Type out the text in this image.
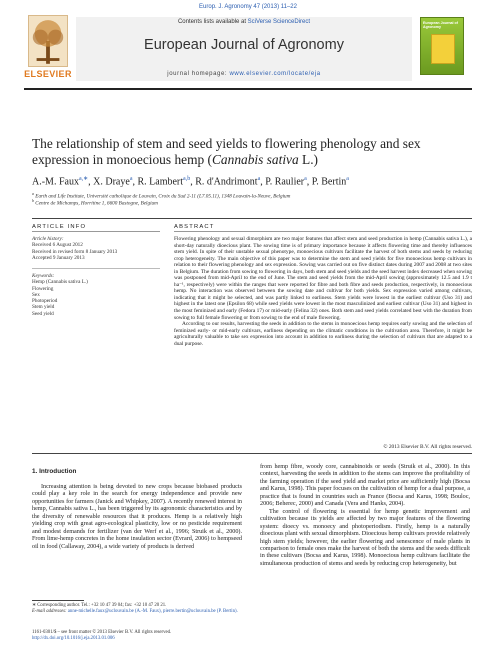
Europ. J. Agronomy 47 (2013) 11–22
ELSEVIER
Contents lists available at SciVerse ScienceDirect
European Journal of Agronomy
journal homepage: www.elsevier.com/locate/eja
European Journal of Agronomy
The relationship of stem and seed yields to flowering phenology and sex expression in monoecious hemp (Cannabis sativa L.)
A.-M. Faux$^{a,∗}$, X. Draye$^a$, R. Lambert$^{a,b}$, R. d'Andrimont$^a$, P. Raulier$^a$, P. Bertin$^a$
$^a$ Earth and Life Institute, Université catholique de Louvain, Croix du Sud 2-11 (L7.05.11), 1348 Louvain-la-Neuve, Belgium
$^b$ Centre de Michamps, Horritine 1, 6600 Bastogne, Belgium
ARTICLE INFO
Article history:
Received 6 August 2012
Received in revised form 8 January 2013
Accepted 9 January 2013
Keywords:
Hemp (Cannabis sativa L.)
Flowering
Sex
Photoperiod
Stem yield
Seed yield
ABSTRACT

Flowering phenology and sexual dimorphism are two major features that affect stem and seed production in hemp (Cannabis sativa L.), a short-day naturally dioecious plant. The sowing time is of primary importance because it affects flowering time and thereby influences stem yield. In spite of their unstable sexual phenotype, monoecious cultivars facilitate the harvest of both stems and seeds by reducing crop heterogeneity. The main objective of this paper was to determine the stem and seed yields for five monoecious hemp cultivars in relation to their flowering phenology and sex expression. Sowing was carried out on five distinct dates during 2007 and 2008 at two sites in Belgium. The duration from sowing to flowering in days, both stem and seed yields and the seed harvest index decreased when sowing was postponed from mid-April to the end of June. The stem and seed yields from the mid-April sowing (approximately 12.5 and 1.9 t ha⁻¹, respectively) were within the ranges that were reported for fibre and both fibre and seeds production, respectively, in monoecious hemp. No interaction was observed between the sowing date and cultivar for both yields. Sex expression varied among cultivars, indicating that it might be selected, and was partly linked to earliness. Stem yields were lowest in the earliest cultivar (Uso 31) and highest in the latest one (Epsilon 68) while seed yields were lowest in the most masculinized and earliest cultivar (Uso 31) and highest in the most feminized and early (Fedora 17) or mid-early (Felina 32) ones. Both stem and seed yields correlated best with the duration from sowing to full female flowering or from sowing to the end of male flowering.

According to our results, harvesting the seeds in addition to the stems in monoecious hemp requires early sowing and the selection of feminized early- or mid-early cultivars, earliness depending on the climatic conditions in the cultivation area. Therefore, it might be agriculturally valuable to take sex expression into account in addition to earliness during the selection of cultivars that are adapted to a dual purpose.

© 2013 Elsevier B.V. All rights reserved.
1. Introduction

Increasing attention is being devoted to new crops because biobased products could play a key role in the search for energy independence and provide new opportunities for farmers (Janick and Whipkey, 2007). A recently renewed interest in hemp, Cannabis sativa L., has been triggered by its agronomic characteristics and by the diversity of renewable resources that it produces. Hemp is a relatively high yielding crop with great agro-ecological plasticity, low or no pesticide requirement and modest demands for fertilizer (van der Werf et al., 1996; Struik et al., 2000). From lime-hemp concretes in the home insulation sector (Evrard, 2006) to hempseed oil in food (Callaway, 2004), a wide variety of products is derived

from hemp fibre, woody core, cannabinoids or seeds (Struik et al., 2000). In this context, harvesting the seeds in addition to the stems can improve the profitability of the farming operation if the seed yield and market price are sufficiently high (Bocsa and Karus, 1998). This paper focuses on the cultivation of hemp for a dual purpose, a practice that is found in countries such as France (Bocsa and Karus, 1998; Bouloc, 2006; Beherec, 2000) and Canada (Vera and Hanks, 2004).

The control of flowering is essential for hemp genetic improvement and cultivation because its yields are affected by two major features of the flowering system: dioecy vs. monoecy and photoperiodism. Firstly, hemp is a naturally dioecious plant with sexual dimorphism. Dioecious hemp cultivars provide relatively high stem yields; however, the earlier flowering and senescence of male plants in comparison to female ones make the harvest of both the stems and the seeds difficult in these cultivars (Bocsa and Karus, 1998). Monoecious hemp cultivars facilitate the simultaneous production of stems and seeds by reducing crop heterogeneity, but

∗ Corresponding author. Tel.: +32 10 47 39 04; fax: +32 10 47 20 21.
E-mail addresses: anne-michelle.faux@uclouvain.be (A.-M. Faux), pierre.bertin@uclouvain.be (P. Bertin).
1161-0301/$ – see front matter © 2013 Elsevier B.V. All rights reserved.
http://dx.doi.org/10.1016/j.eja.2013.01.006
